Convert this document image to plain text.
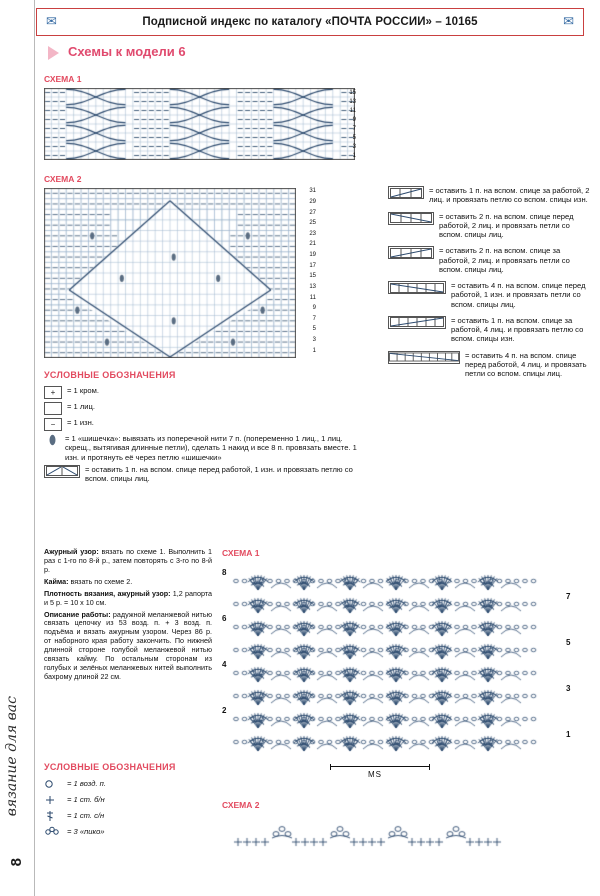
вязание для вас
8
✉	Подписной индекс по каталогу «ПОЧТА РОССИИ» – 10165	✉
Схемы к модели 6
СХЕМА 1
15
13
11
9
7
5
3
1
СХЕМА 2
31
29
27
25
23
21
19
17
15
13
11
9
7
5
3
1
УСЛОВНЫЕ ОБОЗНАЧЕНИЯ
+	= 1 кром.
= 1 лиц.
−	= 1 изн.
= 1 «шишечка»: вывязать из поперечной нити 7 п. (попеременно 1 лиц., 1 лиц. скрещ., вытягивая длинные петли), сделать 1 накид и все 8 п. провязать вместе. 1 изн. и протянуть её через петлю «шишечки»
= оставить 1 п. на вспом. спице перед работой, 1 изн. и провязать петлю со вспом. спицы лиц.
= оставить 1 п. на вспом. спице за работой, 2 лиц. и провязать петлю со вспом. спицы изн.
= оставить 2 п. на вспом. спице перед работой, 2 лиц. и провязать петли со вспом. спицы лиц.
= оставить 2 п. на вспом. спице за работой, 2 лиц. и провязать петли со вспом. спицы лиц.
= оставить 4 п. на вспом. спице перед работой, 1 изн. и провязать петли со вспом. спицы лиц.
= оставить 1 п. на вспом. спице за работой, 4 лиц. и провязать петлю со вспом. спицы изн.
= оставить 4 п. на вспом. спице перед работой, 4 лиц. и провязать петли со вспом. спицы лиц.

Ажурный узор: вязать по схеме 1. Выполнить 1 раз с 1-го по 8-й р., затем повторять с 3-го по 8-й р.

Кайма: вязать по схеме 2.

Плотность вязания, ажурный узор: 1,2 рапорта и 5 р. = 10 x 10 см.

Описание работы: радужной меланжевой нитью связать цепочку из 53 возд. п. + 3 возд. п. подъёма и вязать ажурным узором. Через 86 р. от наборного края работу закончить. По нижней длинной стороне голубой меланжевой нитью связать кайму. По остальным сторонам из голубых и зелёных меланжевых нитей выполнить бахрому длиной 22 см.

СХЕМА 1
MS
СХЕМА 2
УСЛОВНЫЕ ОБОЗНАЧЕНИЯ
= 1 возд. п.
= 1 ст. б/н
= 1 ст. с/н
= 3 «пико»
8
6
4
2
7
5
3
1
